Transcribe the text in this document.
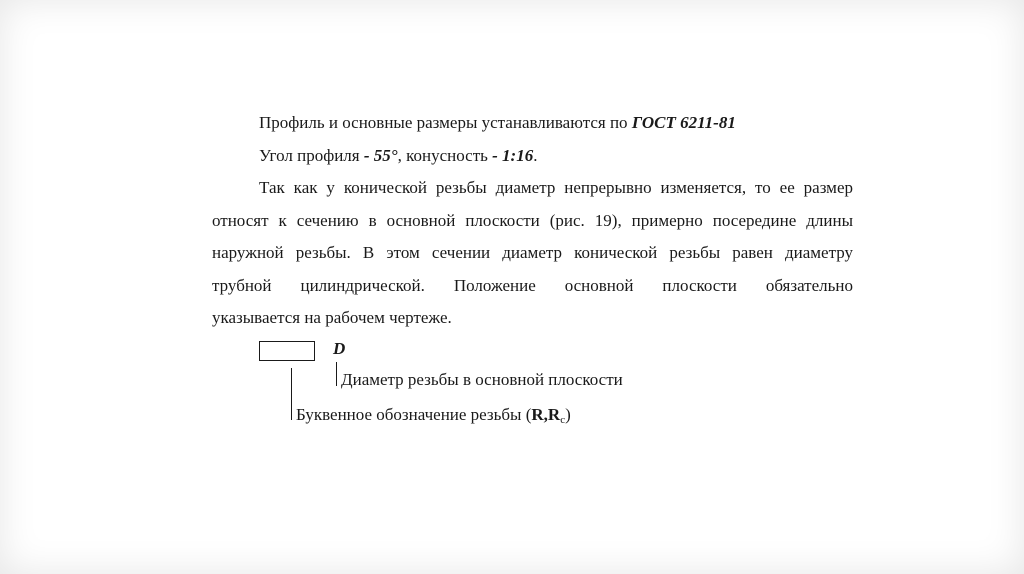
Профиль и основные размеры устанавливаются по ГОСТ 6211-81
Угол профиля - 55°, конусность - 1:16.
Так как у конической резьбы диаметр непрерывно изменяется, то ее размер
относят к сечению в основной плоскости (рис. 19), примерно посередине длины
наружной резьбы. В этом сечении диаметр конической резьбы равен диаметру
трубной цилиндрической. Положение основной плоскости обязательно
указывается на рабочем чертеже.
D
Диаметр резьбы в основной плоскости
Буквенное обозначение резьбы $(R,R_c)$
